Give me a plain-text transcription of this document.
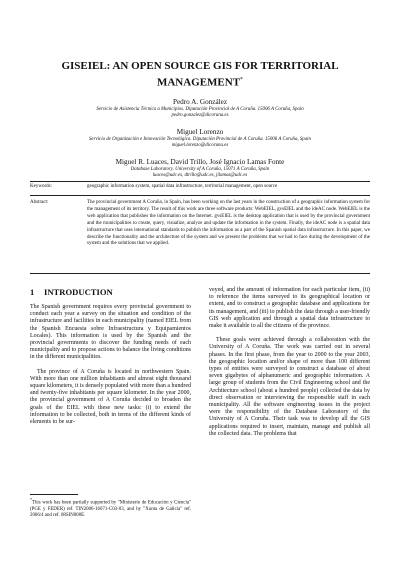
GISEIEL: AN OPEN SOURCE GIS FOR TERRITORIAL MANAGEMENT*
Pedro A. González
Servicio de Asistencia Técnica a Municipios. Diputación Provincial de A Coruña. 15006 A Coruña, Spain
pedro.gonzalez@dicoruna.es
Miguel Lorenzo
Servicio de Organización e Innovación Tecnológica. Diputación Provincial de A Coruña. 15006 A Coruña, Spain
miguel.lorenzo@dicoruna.es
Miguel R. Luaces, David Trillo, José Ignacio Lamas Fonte
Database Laboratory. University of A Coruña, 15071 A Coruña, Spain
luaces@udc.es, dtrillo@udc.es, jilamas@udc.es
Keywords:	geographic information system, spatial data infrastructure, territorial management, open source
Abstract:	The provincial government A Coruña, in Spain, has been working on the last years in the construction of a geographic information system for the management of its territory. The result of this work are three software products: WebEIEL, gvsEIEL and the ideAC node. WebEIEL is the web application that publishes the information on the Internet. gvsEIEL is the desktop application that is used by the provincial government and the municipalities to create, query, visualize, analyze and update the information in the system. Finally, the ideAC node is a spatial data infrastructure that uses international standards to publish the information as a part of the Spanish spatial data infrastructure. In this paper, we describe the functionality and the architecture of the system and we present the problems that we had to face during the development of the system and the solutions that we applied.
1 INTRODUCTION

The Spanish government requires every provincial government to conduct each year a survey on the situation and condition of the infrastructure and facilities in each municipality (named EIEL from the Spanish Encuesta sobre Infraestructura y Equipamientos Locales). This information is used by the Spanish and the provincial governments to discover the funding needs of each municipality and to propose actions to balance the living conditions in the different municipalities.

The province of A Coruña is located in northwestern Spain. With more than one million inhabitants and almost eight thousand square kilometers, it is densely populated with more than a hundred and twenty-five inhabitants per square kilometer. In the year 2000, the provincial government of A Coruña decided to broaden the goals of the EIEL with these new tasks: (i) to extend the information to be collected, both in terms of the different kinds of elements to be sur-

veyed, and the amount of information for each particular item, (ii) to reference the items surveyed to its geographical location or extent, and to construct a geographic database and applications for its management, and (iii) to publish the data through a user-friendly GIS web application and through a spatial data infrastructure to make it available to all the citizens of the province.

These goals were achieved through a collaboration with the University of A Coruña. The work was carried out in several phases. In the first phase, from the year to 2000 to the year 2003, the geographic location and/or shape of more than 100 different types of entities were surveyed to construct a database of about seven gigabytes of alphanumeric and geographic information. A large group of students from the Civil Engineering school and the Architecture school (about a hundred people) collected the data by direct observation or interviewing the responsible staff in each municipality. All the software engineering issues in the project were the responsibility of the Database Laboratory of the University of A Coruña. Their task was to develop all the GIS applications required to insert, maintain, manage and publish all the collected data. The problems that

*This work has been partially supported by "Ministerio de Educación y Ciencia"(PGE y FEDER) ref. TIN2006-16071-C03-03, and by "Xunta de Galicia" ref. 2006/4 and ref. 08SIN008E.
